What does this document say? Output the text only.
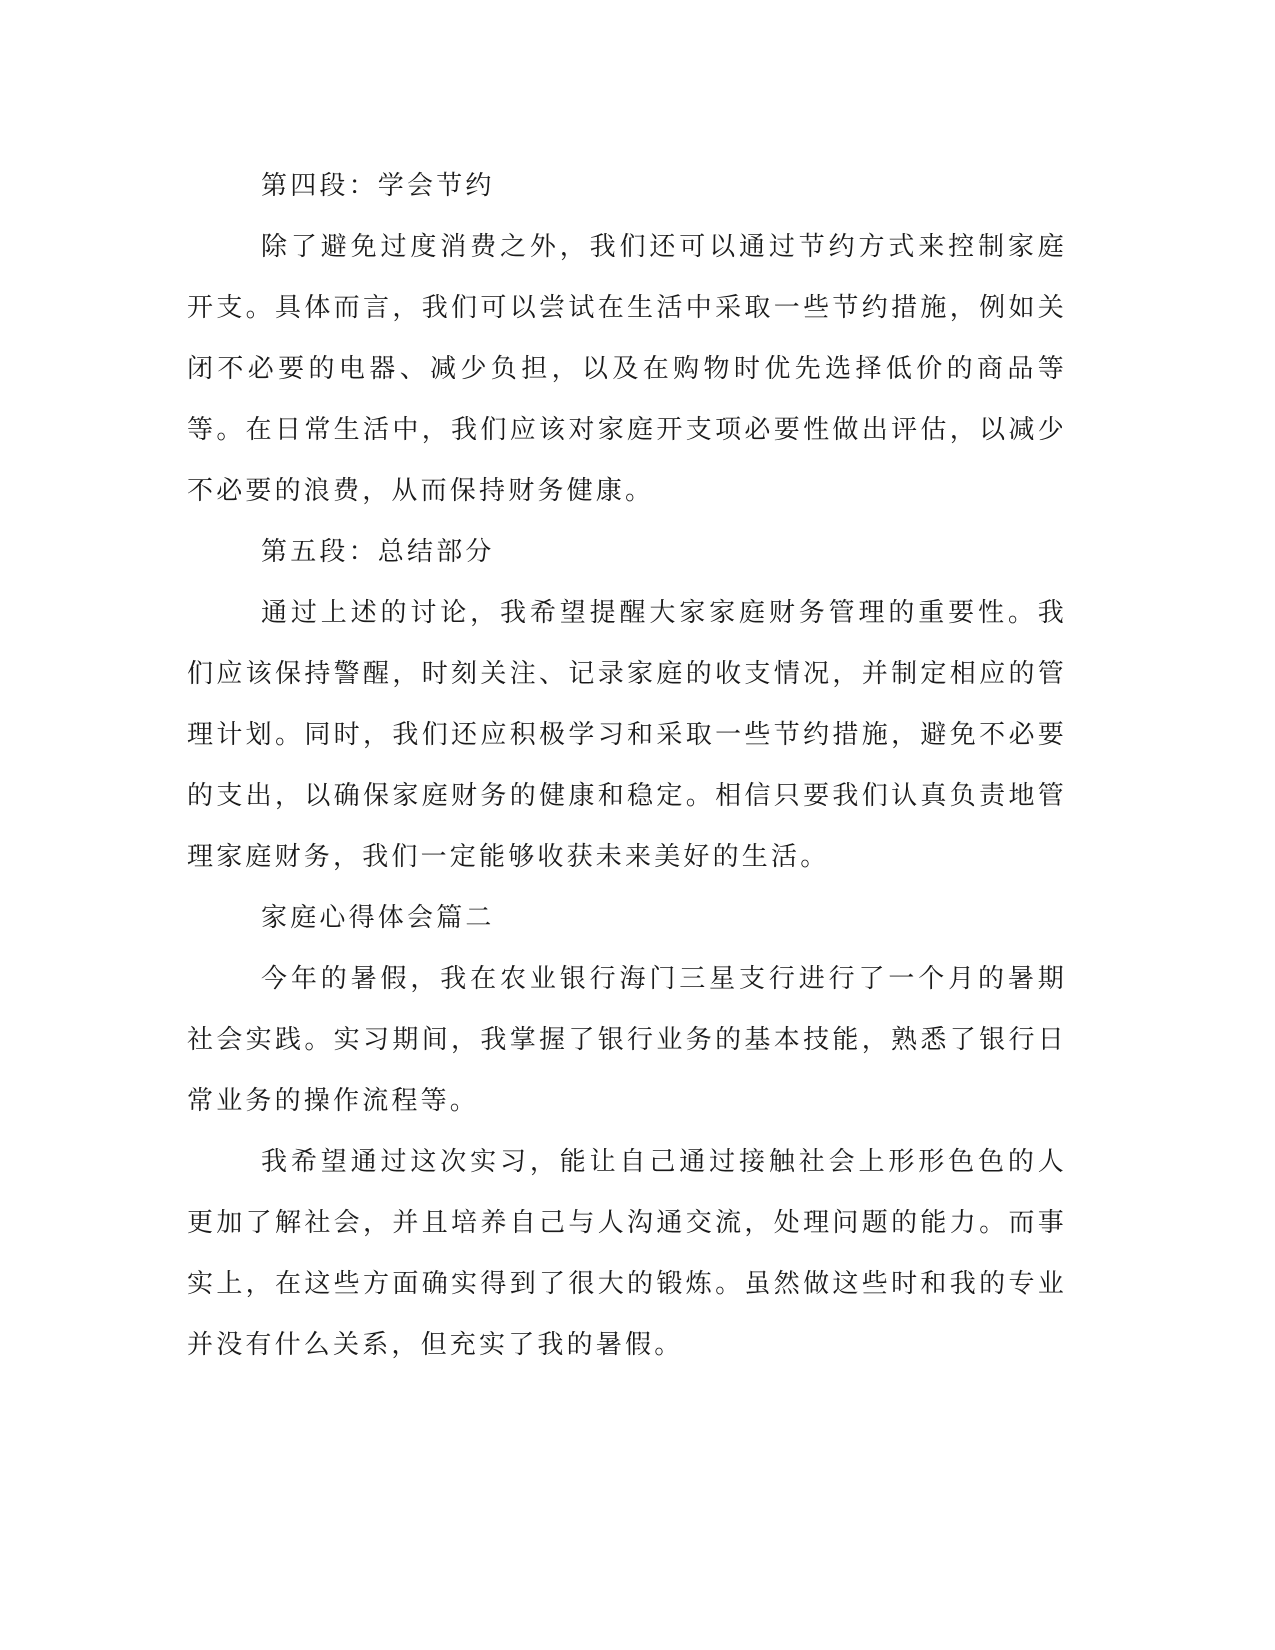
第四段：学会节约

除了避免过度消费之外，我们还可以通过节约方式来控制家庭开支。具体而言，我们可以尝试在生活中采取一些节约措施，例如关闭不必要的电器、减少负担，以及在购物时优先选择低价的商品等等。在日常生活中，我们应该对家庭开支项必要性做出评估，以减少不必要的浪费，从而保持财务健康。

第五段：总结部分

通过上述的讨论，我希望提醒大家家庭财务管理的重要性。我们应该保持警醒，时刻关注、记录家庭的收支情况，并制定相应的管理计划。同时，我们还应积极学习和采取一些节约措施，避免不必要的支出，以确保家庭财务的健康和稳定。相信只要我们认真负责地管理家庭财务，我们一定能够收获未来美好的生活。

家庭心得体会篇二

今年的暑假，我在农业银行海门三星支行进行了一个月的暑期社会实践。实习期间，我掌握了银行业务的基本技能，熟悉了银行日常业务的操作流程等。

我希望通过这次实习，能让自己通过接触社会上形形色色的人更加了解社会，并且培养自己与人沟通交流，处理问题的能力。而事实上，在这些方面确实得到了很大的锻炼。虽然做这些时和我的专业并没有什么关系，但充实了我的暑假。
